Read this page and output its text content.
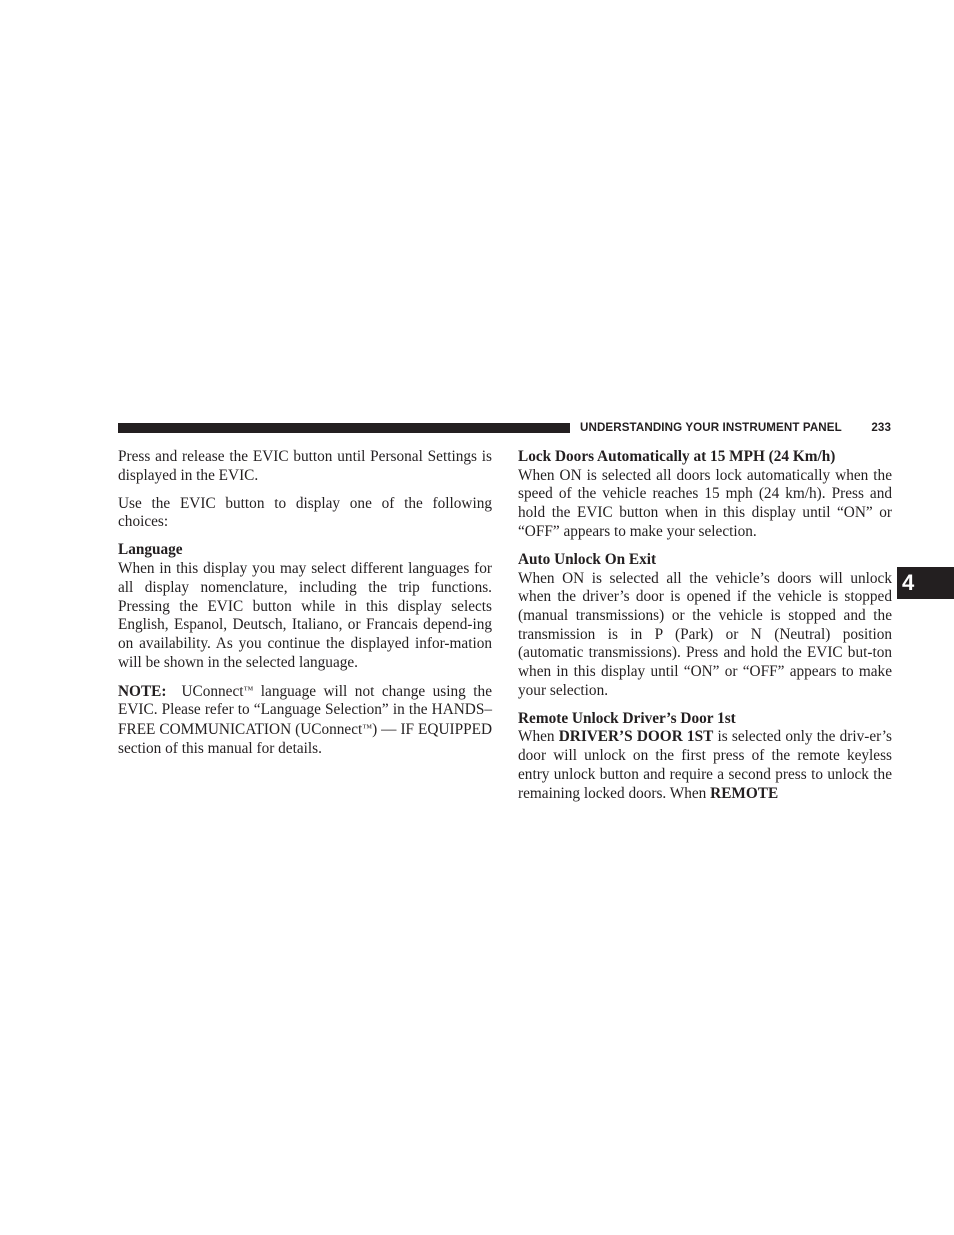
UNDERSTANDING YOUR INSTRUMENT PANEL	233
4

Press and release the EVIC button until Personal Settings is displayed in the EVIC.

Use the EVIC button to display one of the following choices:

Language

When in this display you may select different languages for all display nomenclature, including the trip functions. Pressing the EVIC button while in this display selects English, Espanol, Deutsch, Italiano, or Francais depend-ing on availability. As you continue the displayed infor-mation will be shown in the selected language.

NOTE: UConnect™ language will not change using the EVIC. Please refer to “Language Selection” in the HANDS–FREE COMMUNICATION (UConnect™) — IF EQUIPPED section of this manual for details.

Lock Doors Automatically at 15 MPH (24 Km/h)

When ON is selected all doors lock automatically when the speed of the vehicle reaches 15 mph (24 km/h). Press and hold the EVIC button when in this display until “ON” or “OFF” appears to make your selection.

Auto Unlock On Exit

When ON is selected all the vehicle’s doors will unlock when the driver’s door is opened if the vehicle is stopped (manual transmissions) or the vehicle is stopped and the transmission is in P (Park) or N (Neutral) position (automatic transmissions). Press and hold the EVIC but-ton when in this display until “ON” or “OFF” appears to make your selection.

Remote Unlock Driver’s Door 1st

When DRIVER’S DOOR 1ST is selected only the driv-er’s door will unlock on the first press of the remote keyless entry unlock button and require a second press to unlock the remaining locked doors. When REMOTE
